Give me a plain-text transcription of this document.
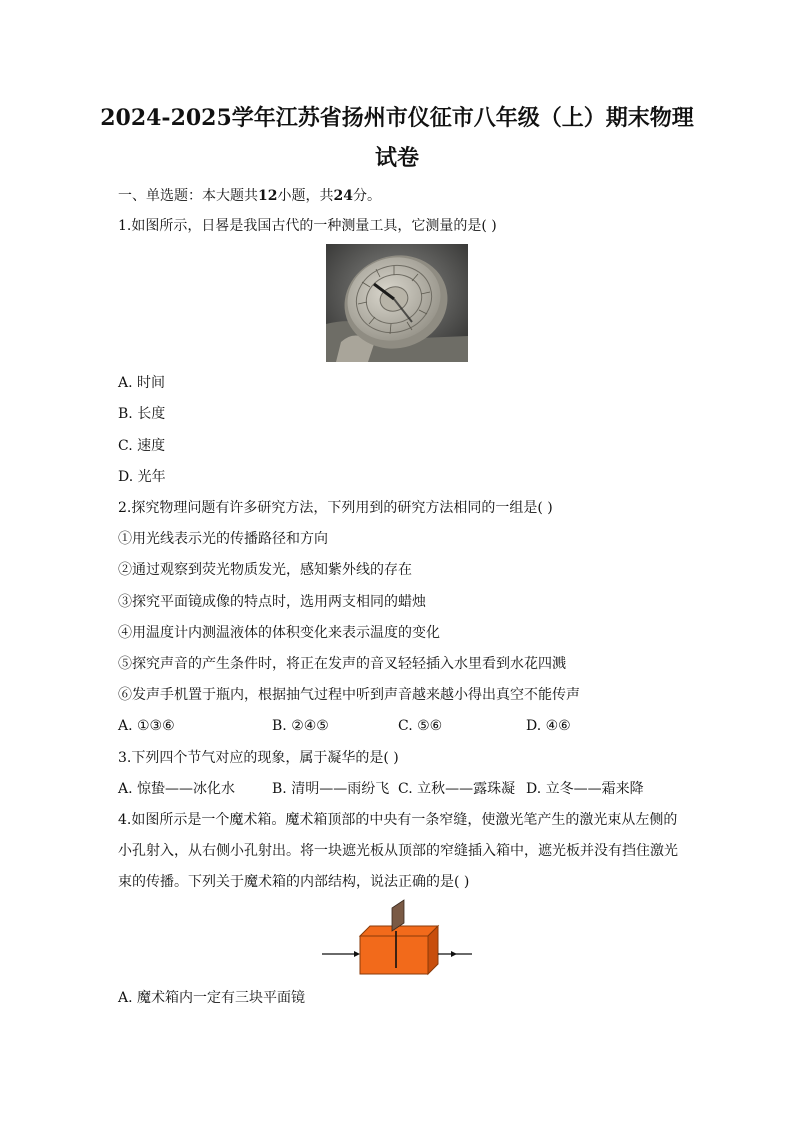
2024-2025学年江苏省扬州市仪征市八年级（上）期末物理
试卷
一、单选题：本大题共12小题，共24分。
1.如图所示，日晷是我国古代的一种测量工具，它测量的是( )
A. 时间
B. 长度
C. 速度
D. 光年
2.探究物理问题有许多研究方法，下列用到的研究方法相同的一组是( )
①用光线表示光的传播路径和方向
②通过观察到荧光物质发光，感知紫外线的存在
③探究平面镜成像的特点时，选用两支相同的蜡烛
④用温度计内测温液体的体积变化来表示温度的变化
⑤探究声音的产生条件时，将正在发声的音叉轻轻插入水里看到水花四溅
⑥发声手机置于瓶内，根据抽气过程中听到声音越来越小得出真空不能传声
A. ①③⑥	B. ②④⑤	C. ⑤⑥	D. ④⑥
3.下列四个节气对应的现象，属于凝华的是( )
A. 惊蛰——冰化水	B. 清明——雨纷飞 C. 立秋——露珠凝 D. 立冬——霜来降
4.如图所示是一个魔术箱。魔术箱顶部的中央有一条窄缝，使激光笔产生的激光束从左侧的
小孔射入，从右侧小孔射出。将一块遮光板从顶部的窄缝插入箱中，遮光板并没有挡住激光
束的传播。下列关于魔术箱的内部结构，说法正确的是( )
A. 魔术箱内一定有三块平面镜
